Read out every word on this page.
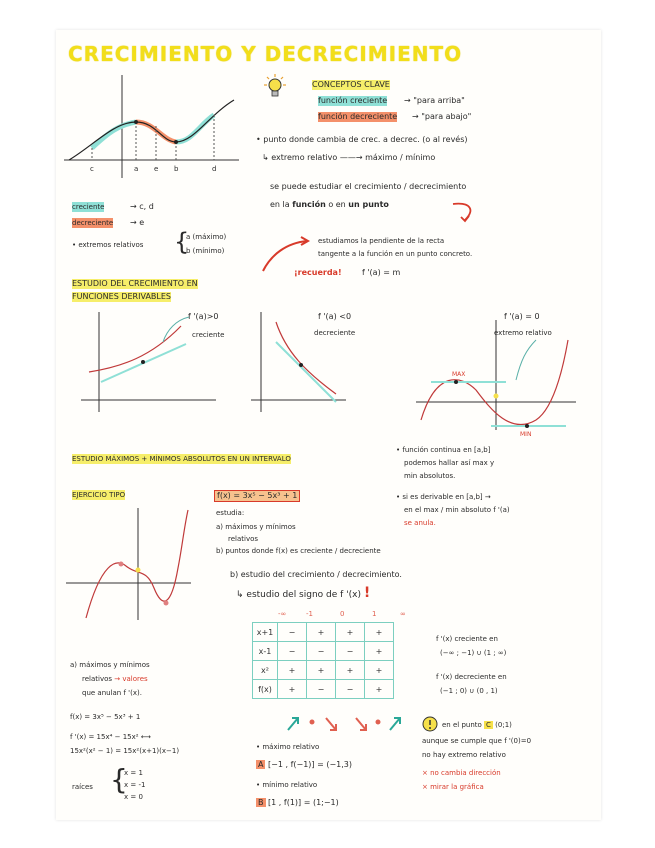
CRECIMIENTO Y DECRECIMIENTO
CONCEPTOS CLAVE
función creciente → "para arriba"
función decreciente → "para abajo"
• punto donde cambia de crec. a decrec. (o al revés)
↳ extremo relativo ——→ máximo / mínimo
se puede estudiar el crecimiento / decrecimiento
en la función o en un punto
c	a e b	d
creciente	→ c, d
decreciente → e
• extremos relativos {
a (máximo)
b (mínimo)
estudiamos la pendiente de la recta
tangente a la función en un punto concreto.
¡recuerda!	f '(a) = m
ESTUDIO DEL CRECIMIENTO EN
FUNCIONES DERIVABLES
f '(a)>0
creciente
f '(a) <0
decreciente
f '(a) = 0
extremo relativo
MAX
MIN
ESTUDIO MÁXIMOS + MÍNIMOS ABSOLUTOS EN UN INTERVALO
• función continua en [a,b]
podemos hallar así max y
min absolutos.
• si es derivable en [a,b] →
en el max / min absoluto f '(a)
se anula.
EJERCICIO TIPO	f(x) = 3x⁵ − 5x³ + 1
estudia:
a) máximos y mínimos
relativos
b) puntos donde f(x) es creciente / decreciente
b) estudio del crecimiento / decrecimiento.
↳ estudio del signo de f '(x) !
-∞	-1	0	1	∞
x+1	−	+	+	+
x-1	−	−	−	+
x²	+	+	+	+
f(x)	+	−	−	+
f '(x) creciente en
(−∞ ; −1) ∪ (1 ; ∞)
f '(x) decreciente en
(−1 ; 0) ∪ (0 , 1)
a) máximos y mínimos
relativos → valores
que anulan f '(x).
f(x) = 3x⁵ − 5x³ + 1
f '(x) = 15x⁴ − 15x² ⟷
15x²(x² − 1) = 15x²(x+1)(x−1)
raíces {
x = 1
x = -1
x = 0
• máximo relativo
A [−1 , f(−1)] = (−1,3)
• mínimo relativo
B [1 , f(1)] = (1;−1)
en el punto C (0;1)
aunque se cumple que f '(0)=0
no hay extremo relativo
× no cambia dirección
× mirar la gráfica
